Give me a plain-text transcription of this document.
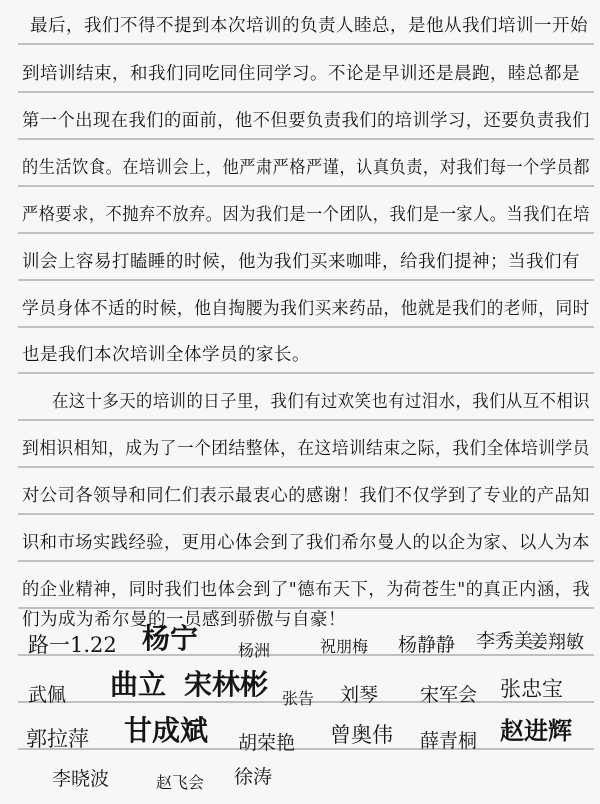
最后，我们不得不提到本次培训的负责人睦总，是他从我们培训一开始
到培训结束，和我们同吃同住同学习。不论是早训还是晨跑，睦总都是
第一个出现在我们的面前，他不但要负责我们的培训学习，还要负责我们
的生活饮食。在培训会上，他严肃严格严谨，认真负责，对我们每一个学员都
严格要求，不抛弃不放弃。因为我们是一个团队，我们是一家人。当我们在培
训会上容易打瞌睡的时候，他为我们买来咖啡，给我们提神；当我们有
学员身体不适的时候，他自掏腰为我们买来药品，他就是我们的老师，同时
也是我们本次培训全体学员的家长。
在这十多天的培训的日子里，我们有过欢笑也有过泪水，我们从互不相识
到相识相知，成为了一个团结整体，在这培训结束之际，我们全体培训学员
对公司各领导和同仁们表示最衷心的感谢！我们不仅学到了专业的产品知
识和市场实践经验，更用心体会到了我们希尔曼人的以企为家、以人为本
的企业精神，同时我们也体会到了"德布天下，为荷苍生"的真正内涵，我
们为成为希尔曼的一员感到骄傲与自豪！
路一1.22 杨宁 杨洲	祝朋梅 杨静静 李秀美
姜翔敏
武佩 曲立 宋林彬 张告 刘琴 宋军会 张忠宝
郭拉萍 甘成斌 胡荣艳 曾奥伟 薛青桐 赵进辉
李晓波	赵飞会 徐涛
